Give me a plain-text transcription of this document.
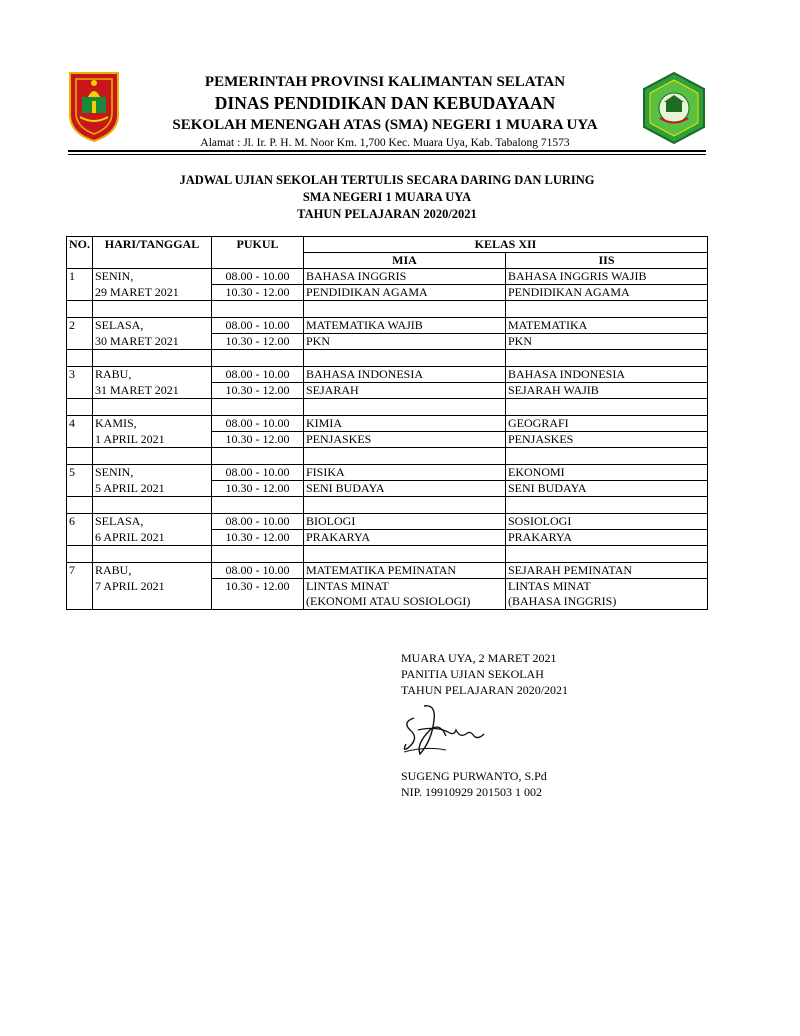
PEMERINTAH PROVINSI KALIMANTAN SELATAN
DINAS PENDIDIKAN DAN KEBUDAYAAN
SEKOLAH MENENGAH ATAS (SMA) NEGERI 1 MUARA UYA
Alamat : Jl. Ir. P. H. M. Noor Km. 1,700 Kec. Muara Uya, Kab. Tabalong 71573
JADWAL UJIAN SEKOLAH TERTULIS SECARA DARING DAN LURING
SMA NEGERI 1 MUARA UYA
TAHUN PELAJARAN 2020/2021
NO.	HARI/TANGGAL	PUKUL	KELAS XII	
			MIA	IIS
1	SENIN,	08.00 - 10.00	BAHASA INGGRIS	BAHASA INGGRIS WAJIB
	29 MARET 2021	10.30 - 12.00	PENDIDIKAN AGAMA	PENDIDIKAN AGAMA

2	SELASA,	08.00 - 10.00	MATEMATIKA WAJIB	MATEMATIKA
	30 MARET 2021	10.30 - 12.00	PKN	PKN

3	RABU,	08.00 - 10.00	BAHASA INDONESIA	BAHASA INDONESIA
	31 MARET 2021	10.30 - 12.00	SEJARAH	SEJARAH WAJIB

4	KAMIS,	08.00 - 10.00	KIMIA	GEOGRAFI
	1 APRIL 2021	10.30 - 12.00	PENJASKES	PENJASKES

5	SENIN,	08.00 - 10.00	FISIKA	EKONOMI
	5 APRIL 2021	10.30 - 12.00	SENI BUDAYA	SENI BUDAYA

6	SELASA,	08.00 - 10.00	BIOLOGI	SOSIOLOGI
	6 APRIL 2021	10.30 - 12.00	PRAKARYA	PRAKARYA

7	RABU,	08.00 - 10.00	MATEMATIKA PEMINATAN	SEJARAH PEMINATAN
	7 APRIL 2021	10.30 - 12.00	LINTAS MINAT	LINTAS MINAT
			(EKONOMI ATAU SOSIOLOGI)	(BAHASA INGGRIS)
MUARA UYA, 2 MARET 2021
PANITIA UJIAN SEKOLAH
TAHUN PELAJARAN 2020/2021
SUGENG PURWANTO, S.Pd
NIP. 19910929 201503 1 002
